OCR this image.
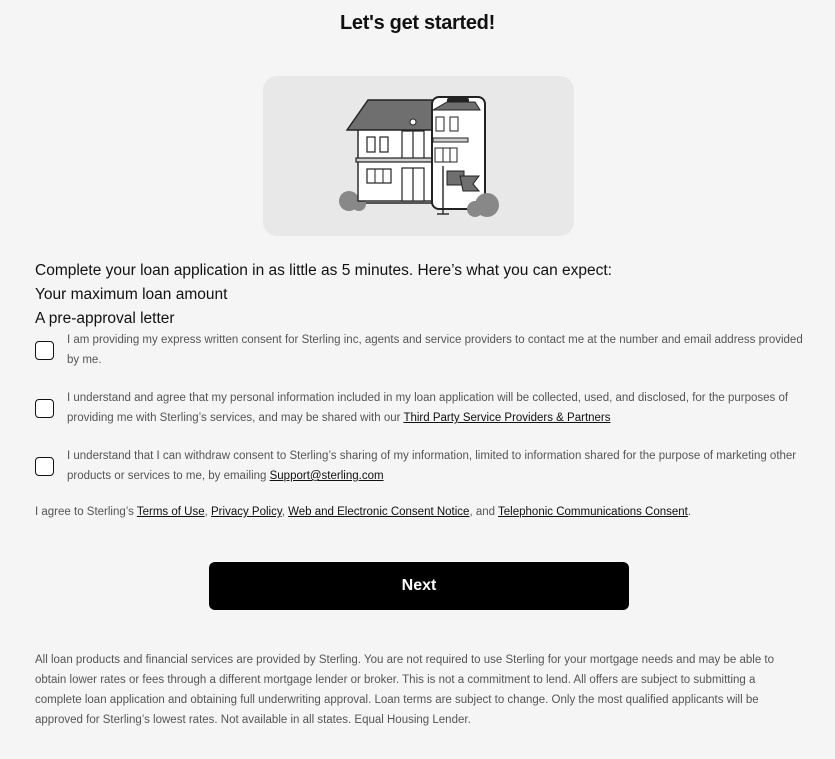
Let's get started!
Complete your loan application in as little as 5 minutes. Here’s what you can expect:
Your maximum loan amount
A pre-approval letter
I am providing my express written consent for Sterling inc, agents and service providers to contact me at the number and email address provided by me.
I understand and agree that my personal information included in my loan application will be collected, used, and disclosed, for the purposes of providing me with Sterling’s services, and may be shared with our Third Party Service Providers & Partners
I understand that I can withdraw consent to Sterling’s sharing of my information, limited to information shared for the purpose of marketing other products or services to me, by emailing Support@sterling.com
I agree to Sterling’s Terms of Use, Privacy Policy, Web and Electronic Consent Notice, and Telephonic Communications Consent.
Next
All loan products and financial services are provided by Sterling. You are not required to use Sterling for your mortgage needs and may be able to obtain lower rates or fees through a different mortgage lender or broker. This is not a commitment to lend. All offers are subject to submitting a complete loan application and obtaining full underwriting approval. Loan terms are subject to change. Only the most qualified applicants will be approved for Sterling’s lowest rates. Not available in all states. Equal Housing Lender.
